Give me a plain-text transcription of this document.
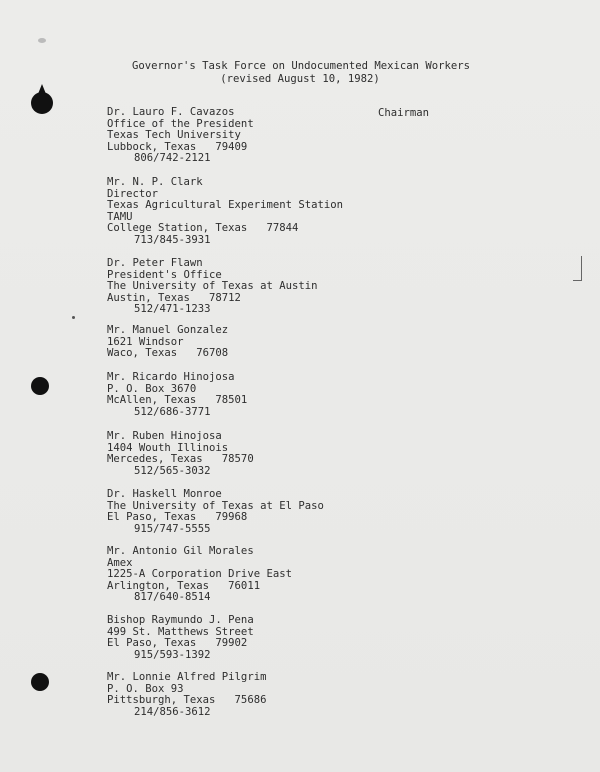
Governor's Task Force on Undocumented Mexican Workers
(revised August 10, 1982)
Chairman
Dr. Lauro F. Cavazos
Office of the President
Texas Tech University
Lubbock, Texas   79409
806/742-2121
Mr. N. P. Clark
Director
Texas Agricultural Experiment Station
TAMU
College Station, Texas   77844
713/845-3931
Dr. Peter Flawn
President's Office
The University of Texas at Austin
Austin, Texas   78712
512/471-1233
Mr. Manuel Gonzalez
1621 Windsor
Waco, Texas   76708
Mr. Ricardo Hinojosa
P. O. Box 3670
McAllen, Texas   78501
512/686-3771
Mr. Ruben Hinojosa
1404 Wouth Illinois
Mercedes, Texas   78570
512/565-3032
Dr. Haskell Monroe
The University of Texas at El Paso
El Paso, Texas   79968
915/747-5555
Mr. Antonio Gil Morales
Amex
1225-A Corporation Drive East
Arlington, Texas   76011
817/640-8514
Bishop Raymundo J. Pena
499 St. Matthews Street
El Paso, Texas   79902
915/593-1392
Mr. Lonnie Alfred Pilgrim
P. O. Box 93
Pittsburgh, Texas   75686
214/856-3612
